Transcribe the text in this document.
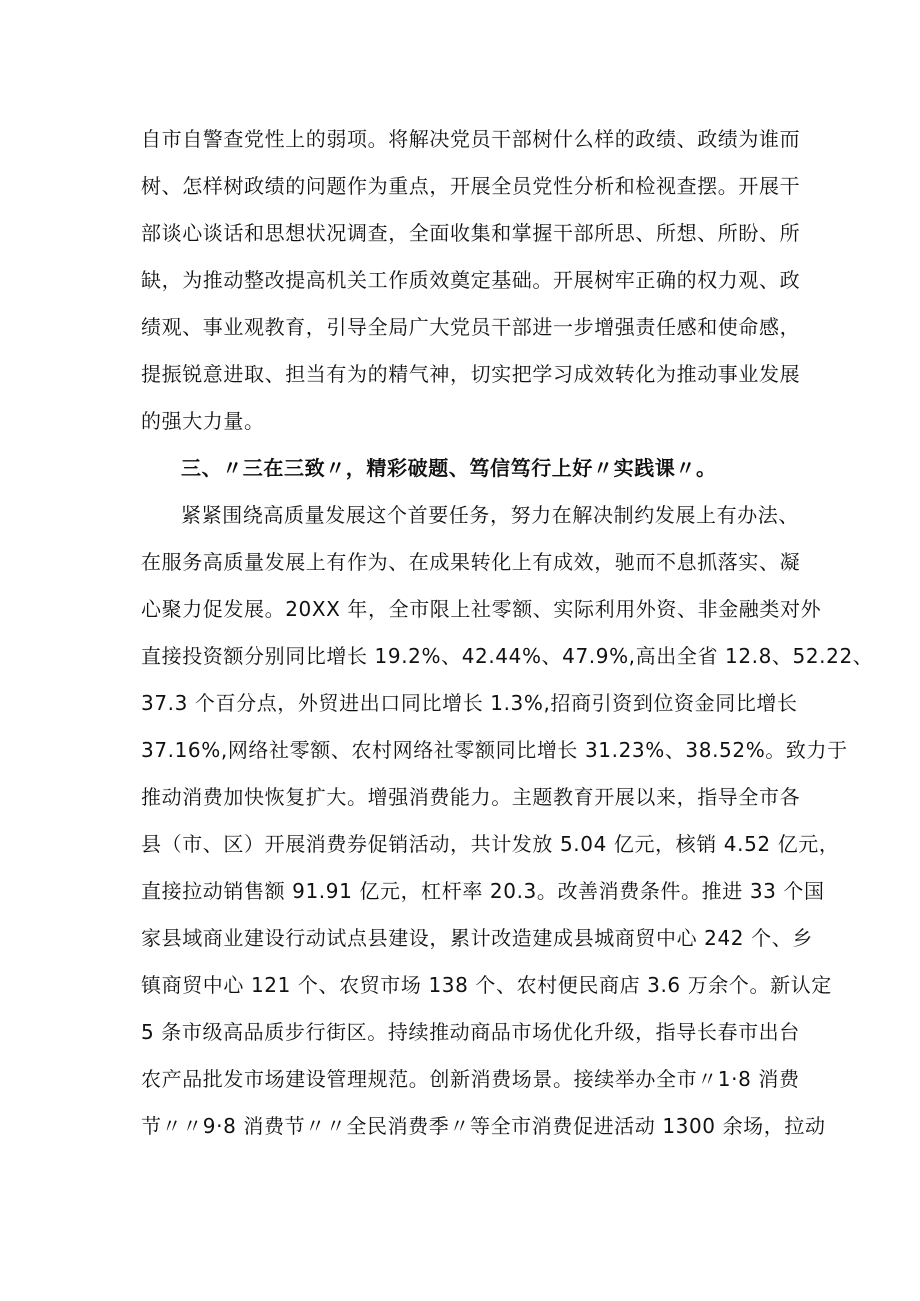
自市自警查党性上的弱项。将解决党员干部树什么样的政绩、政绩为谁而
树、怎样树政绩的问题作为重点，开展全员党性分析和检视查摆。开展干
部谈心谈话和思想状况调查，全面收集和掌握干部所思、所想、所盼、所
缺，为推动整改提高机关工作质效奠定基础。开展树牢正确的权力观、政
绩观、事业观教育，引导全局广大党员干部进一步增强责任感和使命感，
提振锐意进取、担当有为的精气神，切实把学习成效转化为推动事业发展
的强大力量。
三、〃三在三致〃，精彩破题、笃信笃行上好〃实践课〃。
紧紧围绕高质量发展这个首要任务，努力在解决制约发展上有办法、
在服务高质量发展上有作为、在成果转化上有成效，驰而不息抓落实、凝
心聚力促发展。20XX 年，全市限上社零额、实际利用外资、非金融类对外
直接投资额分别同比增长 19.2%、42.44%、47.9%,高出全省 12.8、52.22、
37.3 个百分点，外贸进出口同比增长 1.3%,招商引资到位资金同比增长
37.16%,网络社零额、农村网络社零额同比增长 31.23%、38.52%。致力于
推动消费加快恢复扩大。增强消费能力。主题教育开展以来，指导全市各
县（市、区）开展消费券促销活动，共计发放 5.04 亿元，核销 4.52 亿元，
直接拉动销售额 91.91 亿元，杠杆率 20.3。改善消费条件。推进 33 个国
家县域商业建设行动试点县建设，累计改造建成县城商贸中心 242 个、乡
镇商贸中心 121 个、农贸市场 138 个、农村便民商店 3.6 万余个。新认定
5 条市级高品质步行街区。持续推动商品市场优化升级，指导长春市出台
农产品批发市场建设管理规范。创新消费场景。接续举办全市〃1·8 消费
节〃〃9·8 消费节〃〃全民消费季〃等全市消费促进活动 1300 余场，拉动
